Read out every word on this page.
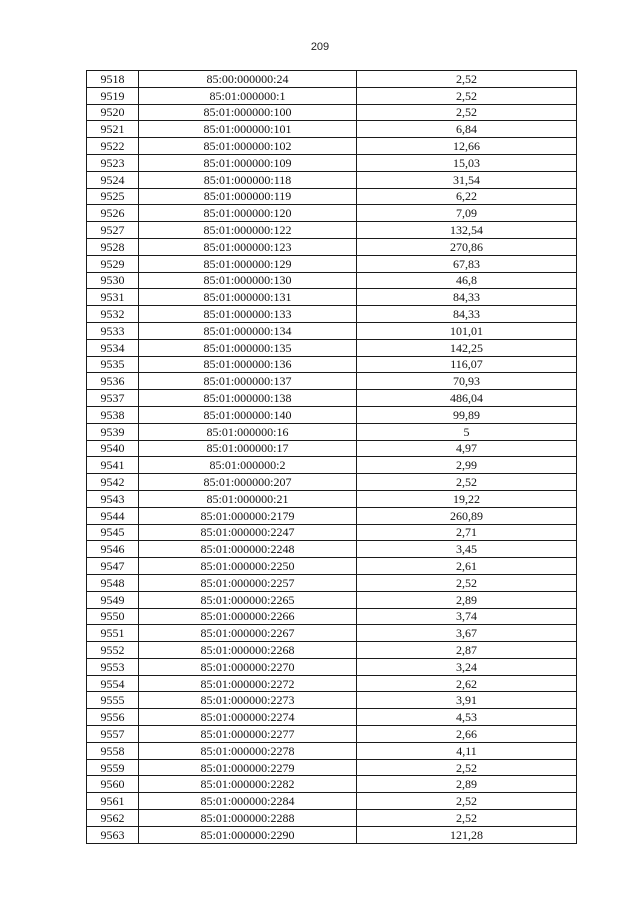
209
9518	85:00:000000:24	2,52
9519	85:01:000000:1	2,52
9520	85:01:000000:100	2,52
9521	85:01:000000:101	6,84
9522	85:01:000000:102	12,66
9523	85:01:000000:109	15,03
9524	85:01:000000:118	31,54
9525	85:01:000000:119	6,22
9526	85:01:000000:120	7,09
9527	85:01:000000:122	132,54
9528	85:01:000000:123	270,86
9529	85:01:000000:129	67,83
9530	85:01:000000:130	46,8
9531	85:01:000000:131	84,33
9532	85:01:000000:133	84,33
9533	85:01:000000:134	101,01
9534	85:01:000000:135	142,25
9535	85:01:000000:136	116,07
9536	85:01:000000:137	70,93
9537	85:01:000000:138	486,04
9538	85:01:000000:140	99,89
9539	85:01:000000:16	5
9540	85:01:000000:17	4,97
9541	85:01:000000:2	2,99
9542	85:01:000000:207	2,52
9543	85:01:000000:21	19,22
9544	85:01:000000:2179	260,89
9545	85:01:000000:2247	2,71
9546	85:01:000000:2248	3,45
9547	85:01:000000:2250	2,61
9548	85:01:000000:2257	2,52
9549	85:01:000000:2265	2,89
9550	85:01:000000:2266	3,74
9551	85:01:000000:2267	3,67
9552	85:01:000000:2268	2,87
9553	85:01:000000:2270	3,24
9554	85:01:000000:2272	2,62
9555	85:01:000000:2273	3,91
9556	85:01:000000:2274	4,53
9557	85:01:000000:2277	2,66
9558	85:01:000000:2278	4,11
9559	85:01:000000:2279	2,52
9560	85:01:000000:2282	2,89
9561	85:01:000000:2284	2,52
9562	85:01:000000:2288	2,52
9563	85:01:000000:2290	121,28
